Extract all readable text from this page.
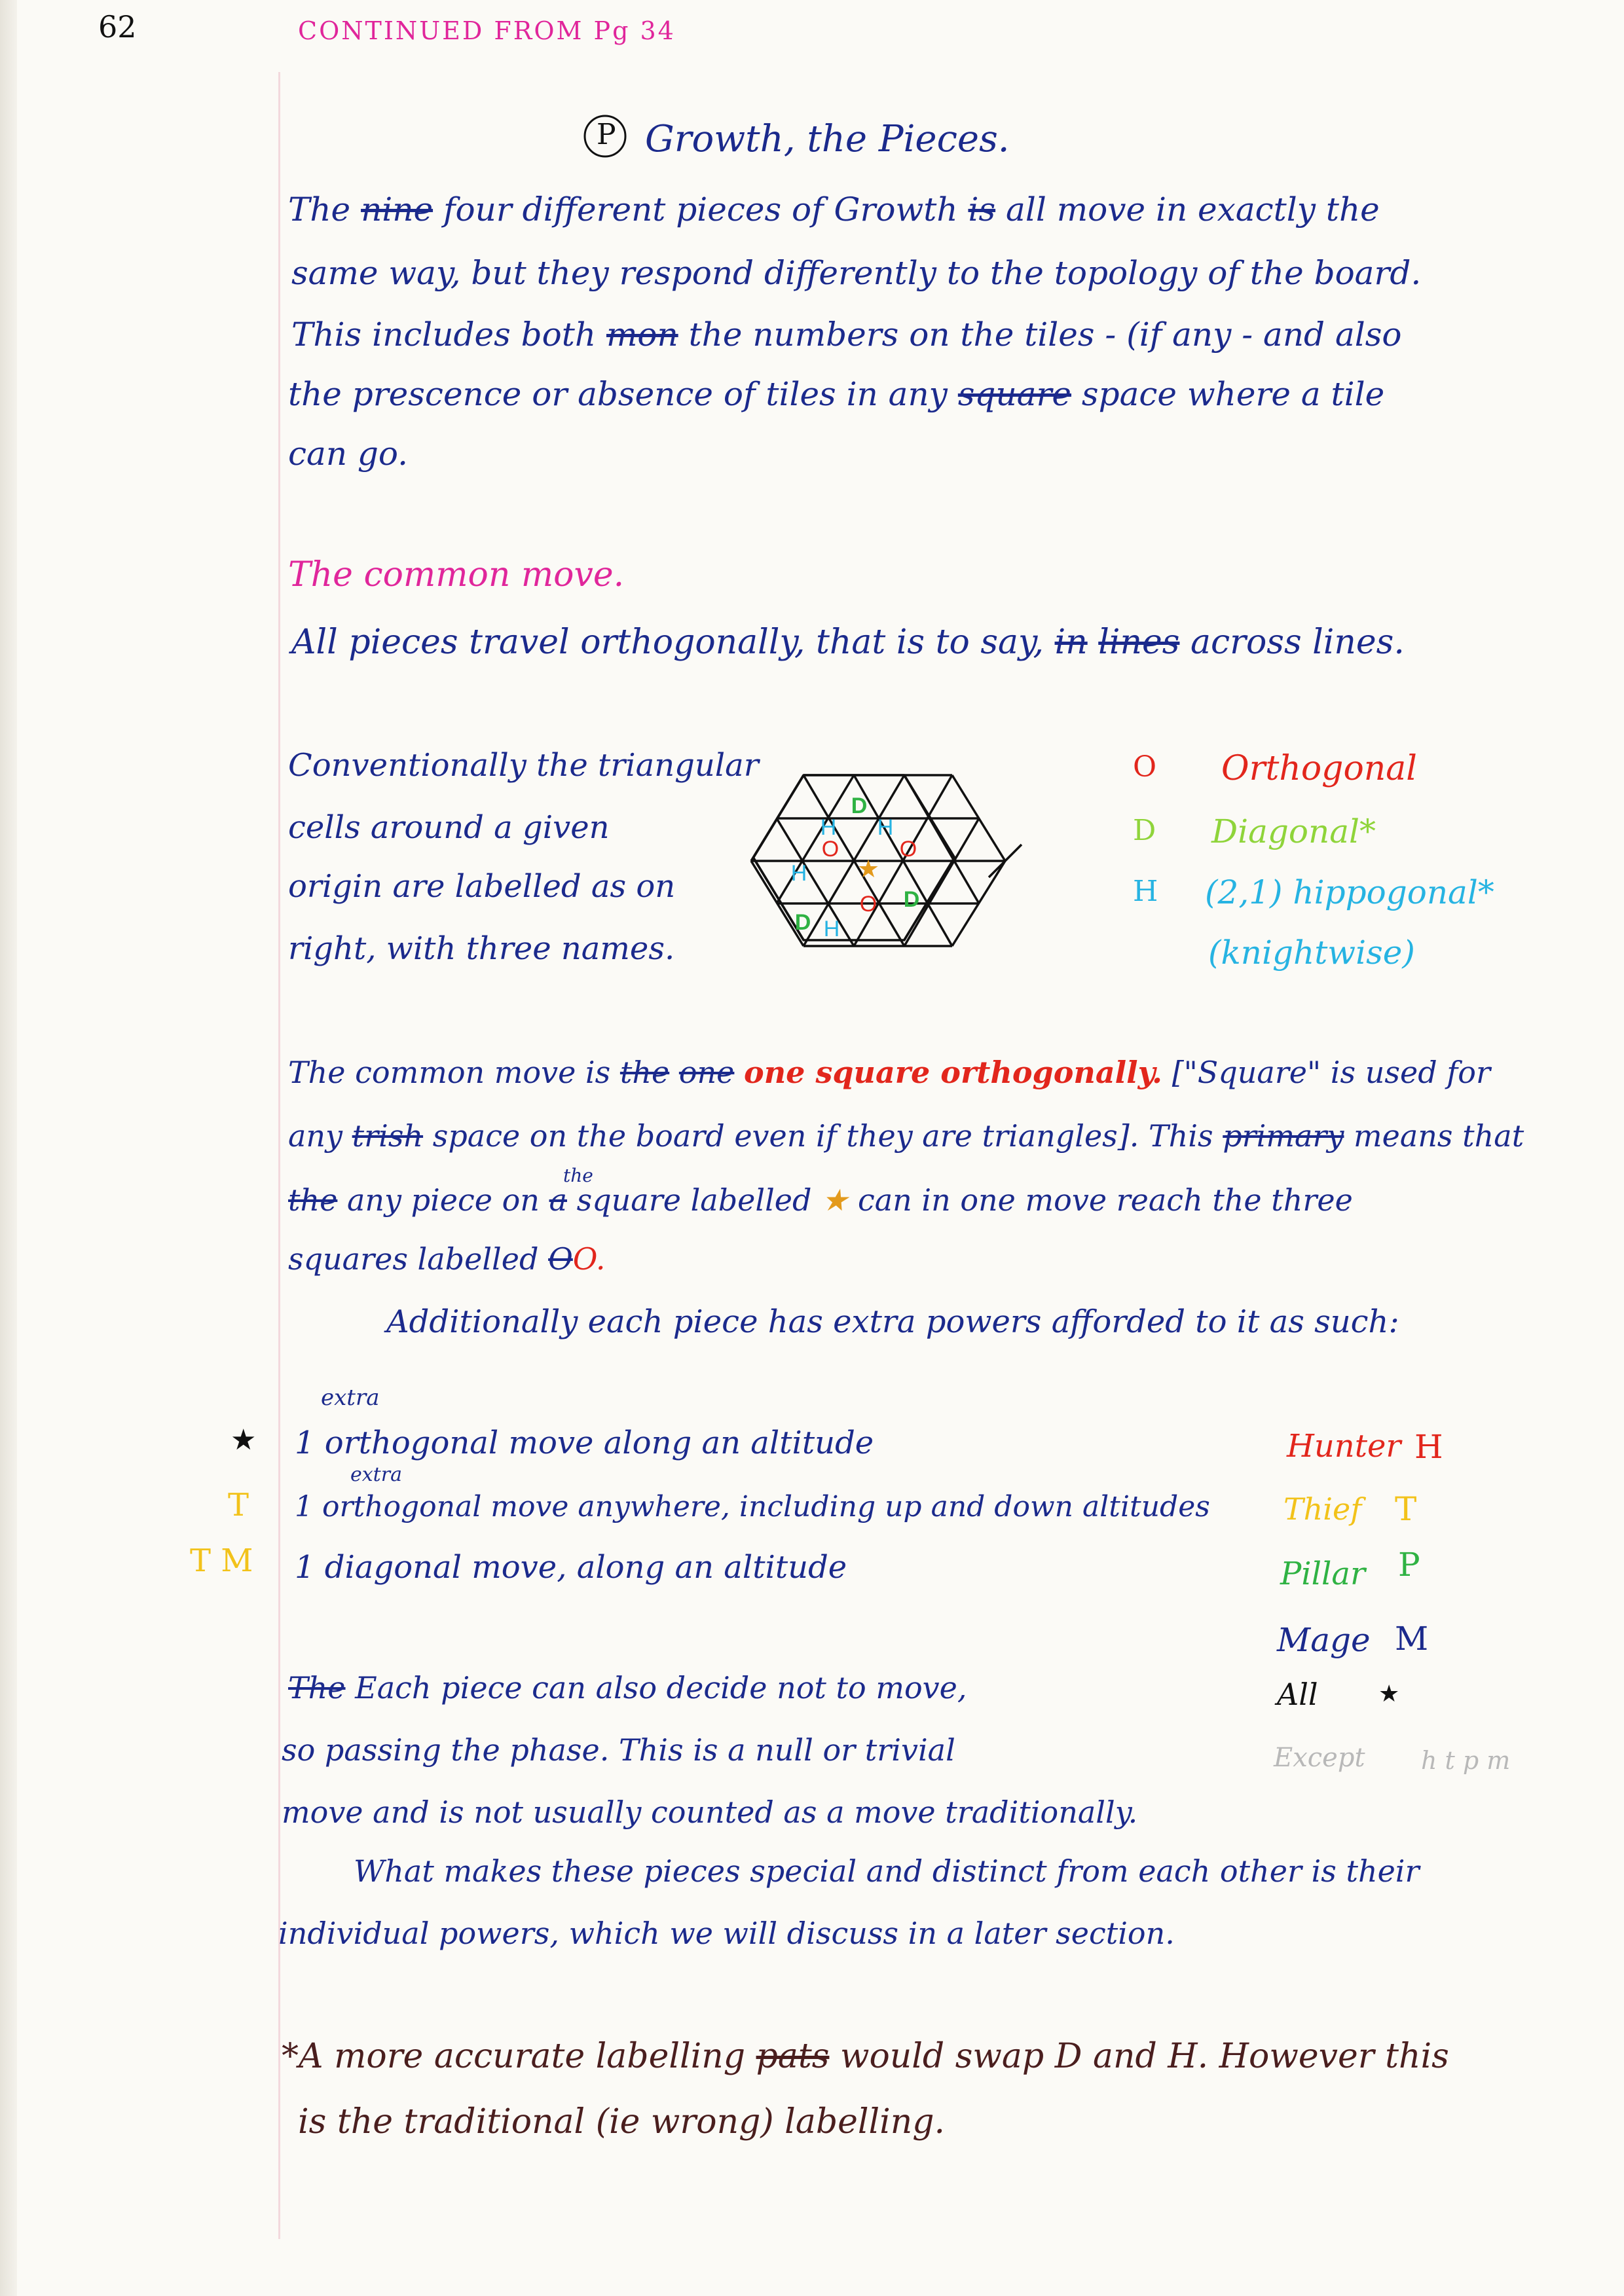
62	CONTINUED FROM Pg 34
P Growth, the Pieces.
The nine four different pieces of Growth is all move in exactly the
same way, but they respond differently to the topology of the board.
This includes both mon the numbers on the tiles - (if any - and also
the prescence or absence of tiles in any square space where a tile
can go.
The common move.
All pieces travel orthogonally, that is to say, in lines across lines.
Conventionally the triangular
cells around a given
origin are labelled as on
right, with three names.
D
H H
O	O
H
D
O D
H
★
O Orthogonal
D Diagonal*
H (2,1) hippogonal*
(knightwise)
The common move is the one one square orthogonally. ["Square" is used for
any trish space on the board even if they are triangles]. This primary means that
the
the any piece on a square labelled ★ can in one move reach the three
squares labelled OO.
Additionally each piece has extra powers afforded to it as such:
extra
★ 1 orthogonal move along an altitude	Hunter H
extra
T 1 orthogonal move anywhere, including up and down altitudes Thief T
T M 1 diagonal move, along an altitude	Pillar P
Mage M
All	★
Except h t p m
The Each piece can also decide not to move,
so passing the phase. This is a null or trivial
move and is not usually counted as a move traditionally.
What makes these pieces special and distinct from each other is their
individual powers, which we will discuss in a later section.
*A more accurate labelling pats would swap D and H. However this
is the traditional (ie wrong) labelling.
